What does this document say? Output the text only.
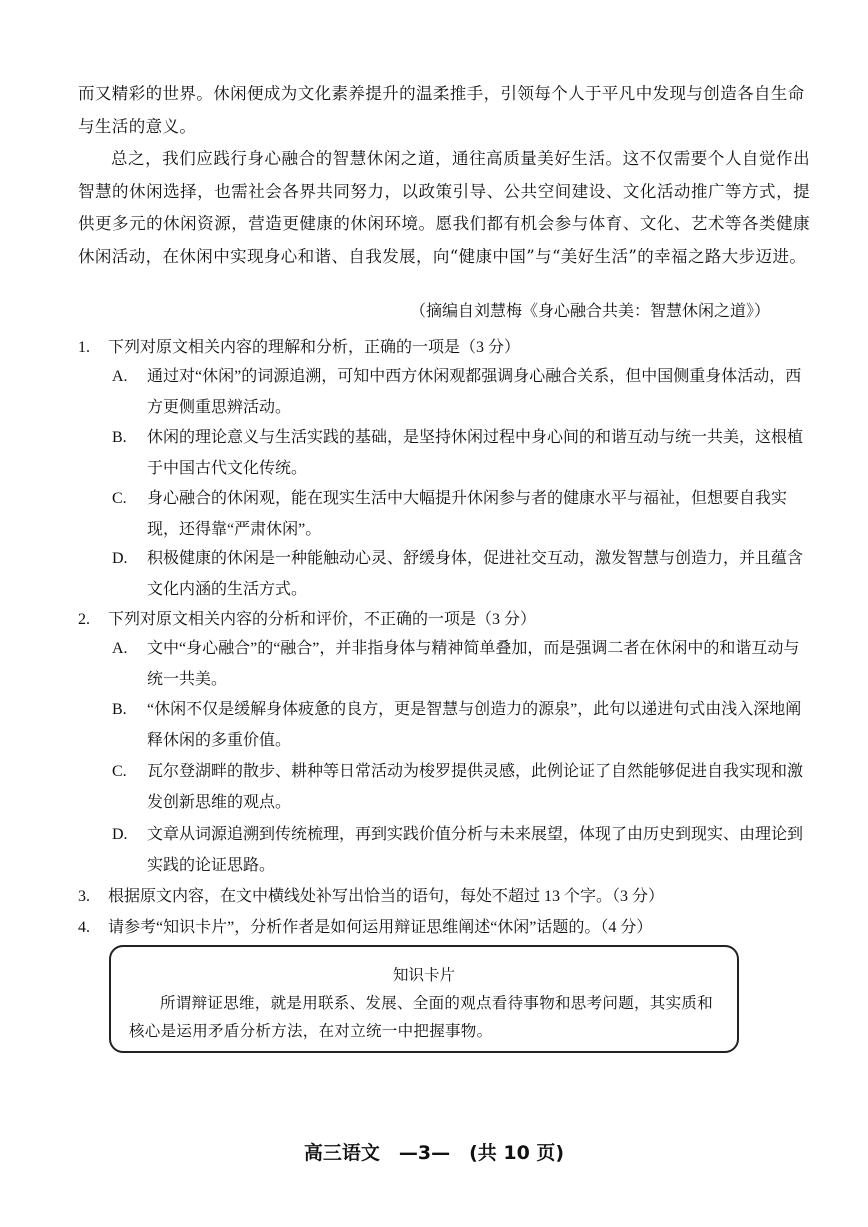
而又精彩的世界。休闲便成为文化素养提升的温柔推手，引领每个人于平凡中发现与创造各自生命
与生活的意义。

总之，我们应践行身心融合的智慧休闲之道，通往高质量美好生活。这不仅需要个人自觉作出智慧的休闲选择，也需社会各界共同努力，以政策引导、公共空间建设、文化活动推广等方式，提供更多元的休闲资源，营造更健康的休闲环境。愿我们都有机会参与体育、文化、艺术等各类健康休闲活动，在休闲中实现身心和谐、自我发展，向“健康中国”与“美好生活”的幸福之路大步迈进。

（摘编自刘慧梅《身心融合共美：智慧休闲之道》）
1. 下列对原文相关内容的理解和分析，正确的一项是（3 分）
A. 通过对“休闲”的词源追溯，可知中西方休闲观都强调身心融合关系，但中国侧重身体活动，西方更侧重思辨活动。
B. 休闲的理论意义与生活实践的基础，是坚持休闲过程中身心间的和谐互动与统一共美，这根植于中国古代文化传统。
C. 身心融合的休闲观，能在现实生活中大幅提升休闲参与者的健康水平与福祉，但想要自我实现，还得靠“严肃休闲”。
D. 积极健康的休闲是一种能触动心灵、舒缓身体，促进社交互动，激发智慧与创造力，并且蕴含文化内涵的生活方式。
2. 下列对原文相关内容的分析和评价，不正确的一项是（3 分）
A. 文中“身心融合”的“融合”，并非指身体与精神简单叠加，而是强调二者在休闲中的和谐互动与统一共美。
B. “休闲不仅是缓解身体疲惫的良方，更是智慧与创造力的源泉”，此句以递进句式由浅入深地阐释休闲的多重价值。
C. 瓦尔登湖畔的散步、耕种等日常活动为梭罗提供灵感，此例论证了自然能够促进自我实现和激发创新思维的观点。
D. 文章从词源追溯到传统梳理，再到实践价值分析与未来展望，体现了由历史到现实、由理论到实践的论证思路。
3. 根据原文内容，在文中横线处补写出恰当的语句，每处不超过 13 个字。（3 分）
4. 请参考“知识卡片”，分析作者是如何运用辩证思维阐述“休闲”话题的。（4 分）
知识卡片
所谓辩证思维，就是用联系、发展、全面的观点看待事物和思考问题，其实质和核心是运用矛盾分析方法，在对立统一中把握事物。
高三语文　—3—　(共 10 页)
